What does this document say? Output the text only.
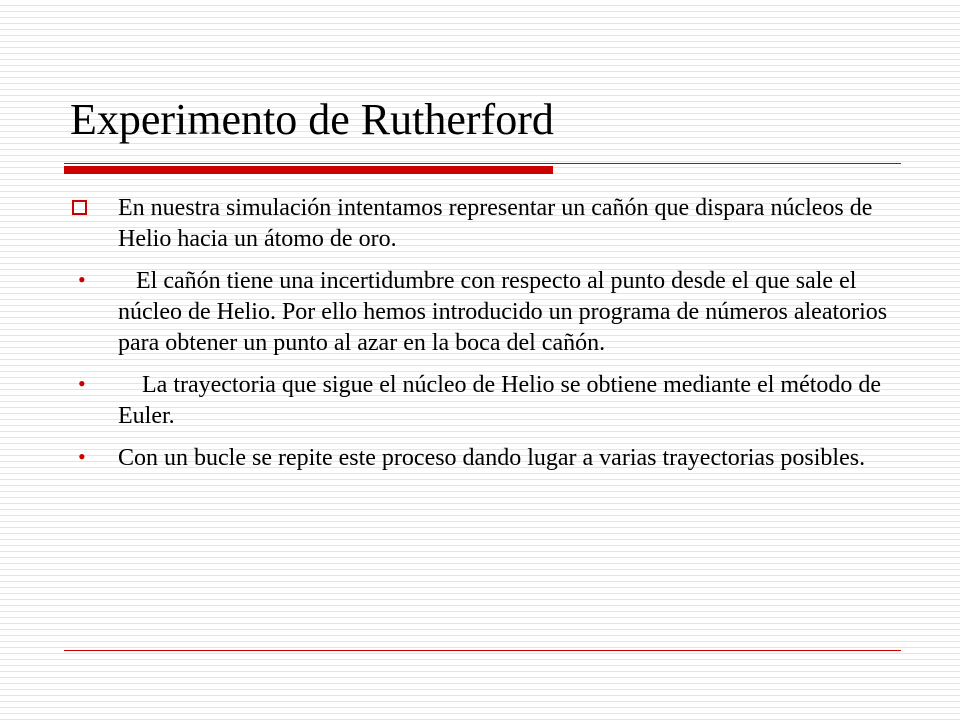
Experimento de Rutherford
En nuestra simulación intentamos representar un cañón que dispara núcleos de Helio hacia un átomo de oro.
• El cañón tiene una incertidumbre con respecto al punto desde el que sale el núcleo de Helio. Por ello hemos introducido un programa de números aleatorios para obtener un punto al azar en la boca del cañón.
• La trayectoria que sigue el núcleo de Helio se obtiene mediante el método de Euler.
• Con un bucle se repite este proceso dando lugar a varias trayectorias posibles.
